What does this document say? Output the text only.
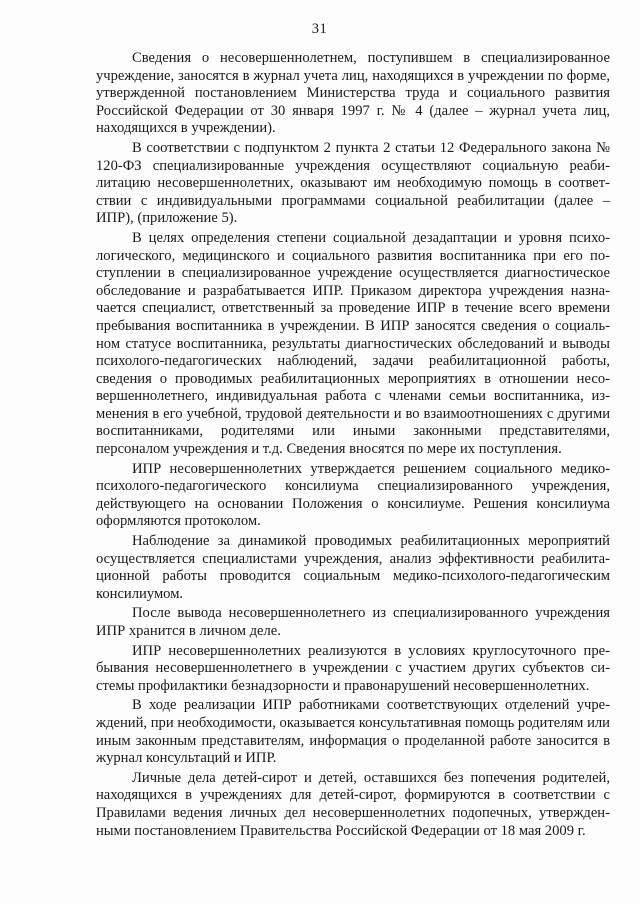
31

Сведения о несовершеннолетнем, поступившем в специализированное учреждение, заносятся в журнал учета лиц, находящихся в учреждении по форме, утвержденной постановлением Министерства труда и социального развития Российской Федерации от 30 января 1997 г. № 4 (далее – журнал учета лиц, находящихся в учреждении).

В соответствии с подпунктом 2 пункта 2 статьи 12 Федерального закона № 120-ФЗ специализированные учреждения осуществляют социальную реабилитацию несовершеннолетних, оказывают им необходимую помощь в соответствии с индивидуальными программами социальной реабилитации (далее – ИПР), (приложение 5).

В целях определения степени социальной дезадаптации и уровня психологического, медицинского и социального развития воспитанника при его поступлении в специализированное учреждение осуществляется диагностическое обследование и разрабатывается ИПР. Приказом директора учреждения назначается специалист, ответственный за проведение ИПР в течение всего времени пребывания воспитанника в учреждении. В ИПР заносятся сведения о социальном статусе воспитанника, результаты диагностических обследований и выводы психолого-педагогических наблюдений, задачи реабилитационной работы, сведения о проводимых реабилитационных мероприятиях в отношении несовершеннолетнего, индивидуальная работа с членами семьи воспитанника, изменения в его учебной, трудовой деятельности и во взаимоотношениях с другими воспитанниками, родителями или иными законными представителями, персоналом учреждения и т.д. Сведения вносятся по мере их поступления.

ИПР несовершеннолетних утверждается решением социального медико-психолого-педагогического консилиума специализированного учреждения, действующего на основании Положения о консилиуме. Решения консилиума оформляются протоколом.

Наблюдение за динамикой проводимых реабилитационных мероприятий осуществляется специалистами учреждения, анализ эффективности реабилитационной работы проводится социальным медико-психолого-педагогическим консилиумом.

После вывода несовершеннолетнего из специализированного учреждения ИПР хранится в личном деле.

ИПР несовершеннолетних реализуются в условиях круглосуточного пребывания несовершеннолетнего в учреждении с участием других субъектов системы профилактики безнадзорности и правонарушений несовершеннолетних.

В ходе реализации ИПР работниками соответствующих отделений учреждений, при необходимости, оказывается консультативная помощь родителям или иным законным представителям, информация о проделанной работе заносится в журнал консультаций и ИПР.

Личные дела детей-сирот и детей, оставшихся без попечения родителей, находящихся в учреждениях для детей-сирот, формируются в соответствии с Правилами ведения личных дел несовершеннолетних подопечных, утвержденными постановлением Правительства Российской Федерации от 18 мая 2009 г.
